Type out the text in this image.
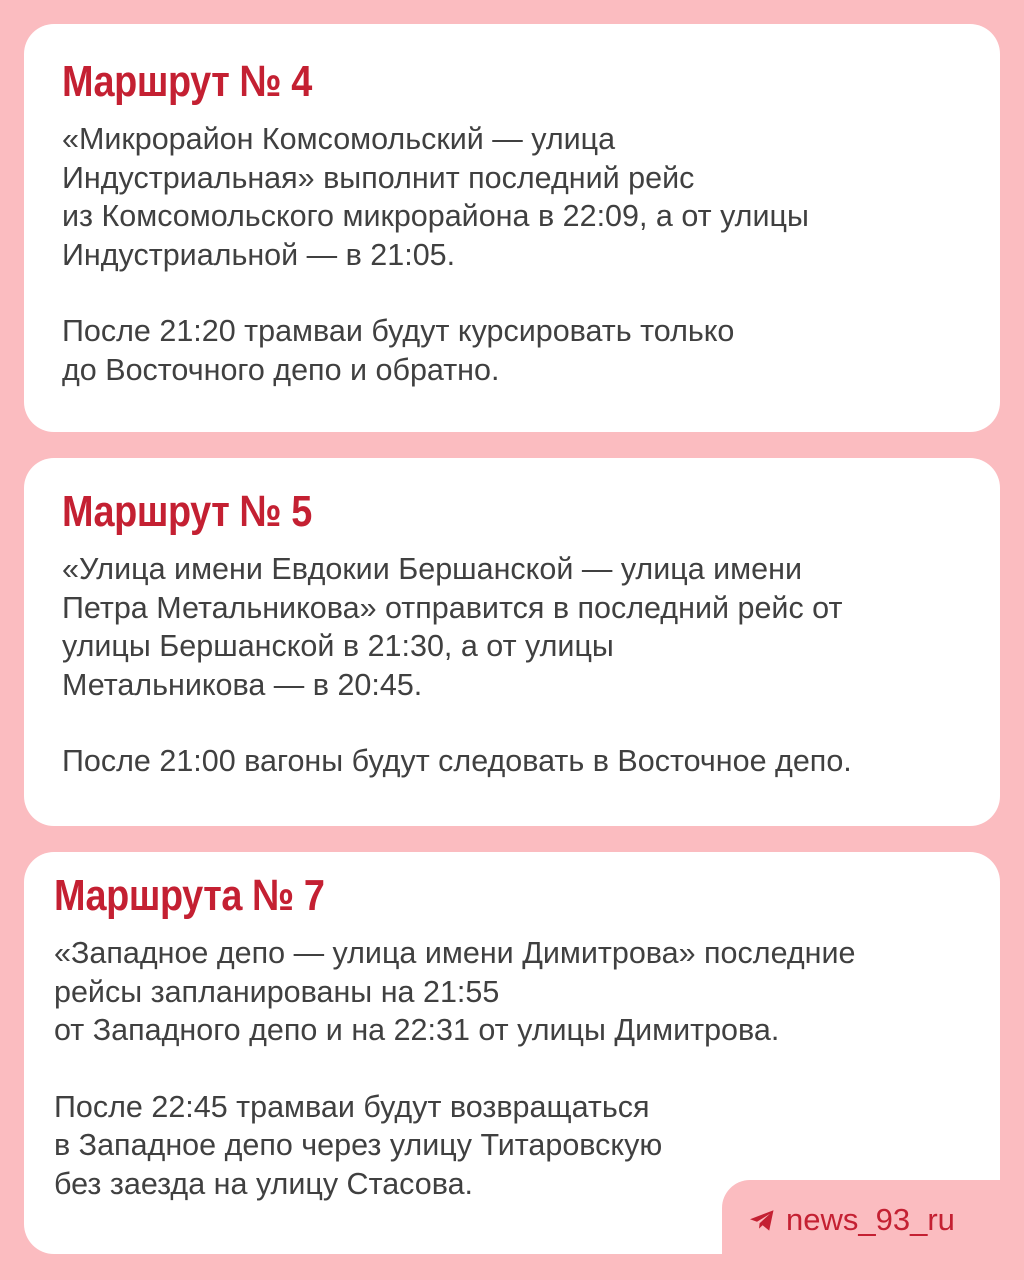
Маршрут № 4

«Микрорайон Комсомольский — улица
Индустриальная» выполнит последний рейс
из Комсомольского микрорайона в 22:09, а от улицы
Индустриальной — в 21:05.

После 21:20 трамваи будут курсировать только
до Восточного депо и обратно.

Маршрут № 5

«Улица имени Евдокии Бершанской — улица имени
Петра Метальникова» отправится в последний рейс от
улицы Бершанской в 21:30, а от улицы
Метальникова — в 20:45.

После 21:00 вагоны будут следовать в Восточное депо.

Маршрута № 7

«Западное депо — улица имени Димитрова» последние
рейсы запланированы на 21:55
от Западного депо и на 22:31 от улицы Димитрова.

После 22:45 трамваи будут возвращаться
в Западное депо через улицу Титаровскую
без заезда на улицу Стасова.

news_93_ru
